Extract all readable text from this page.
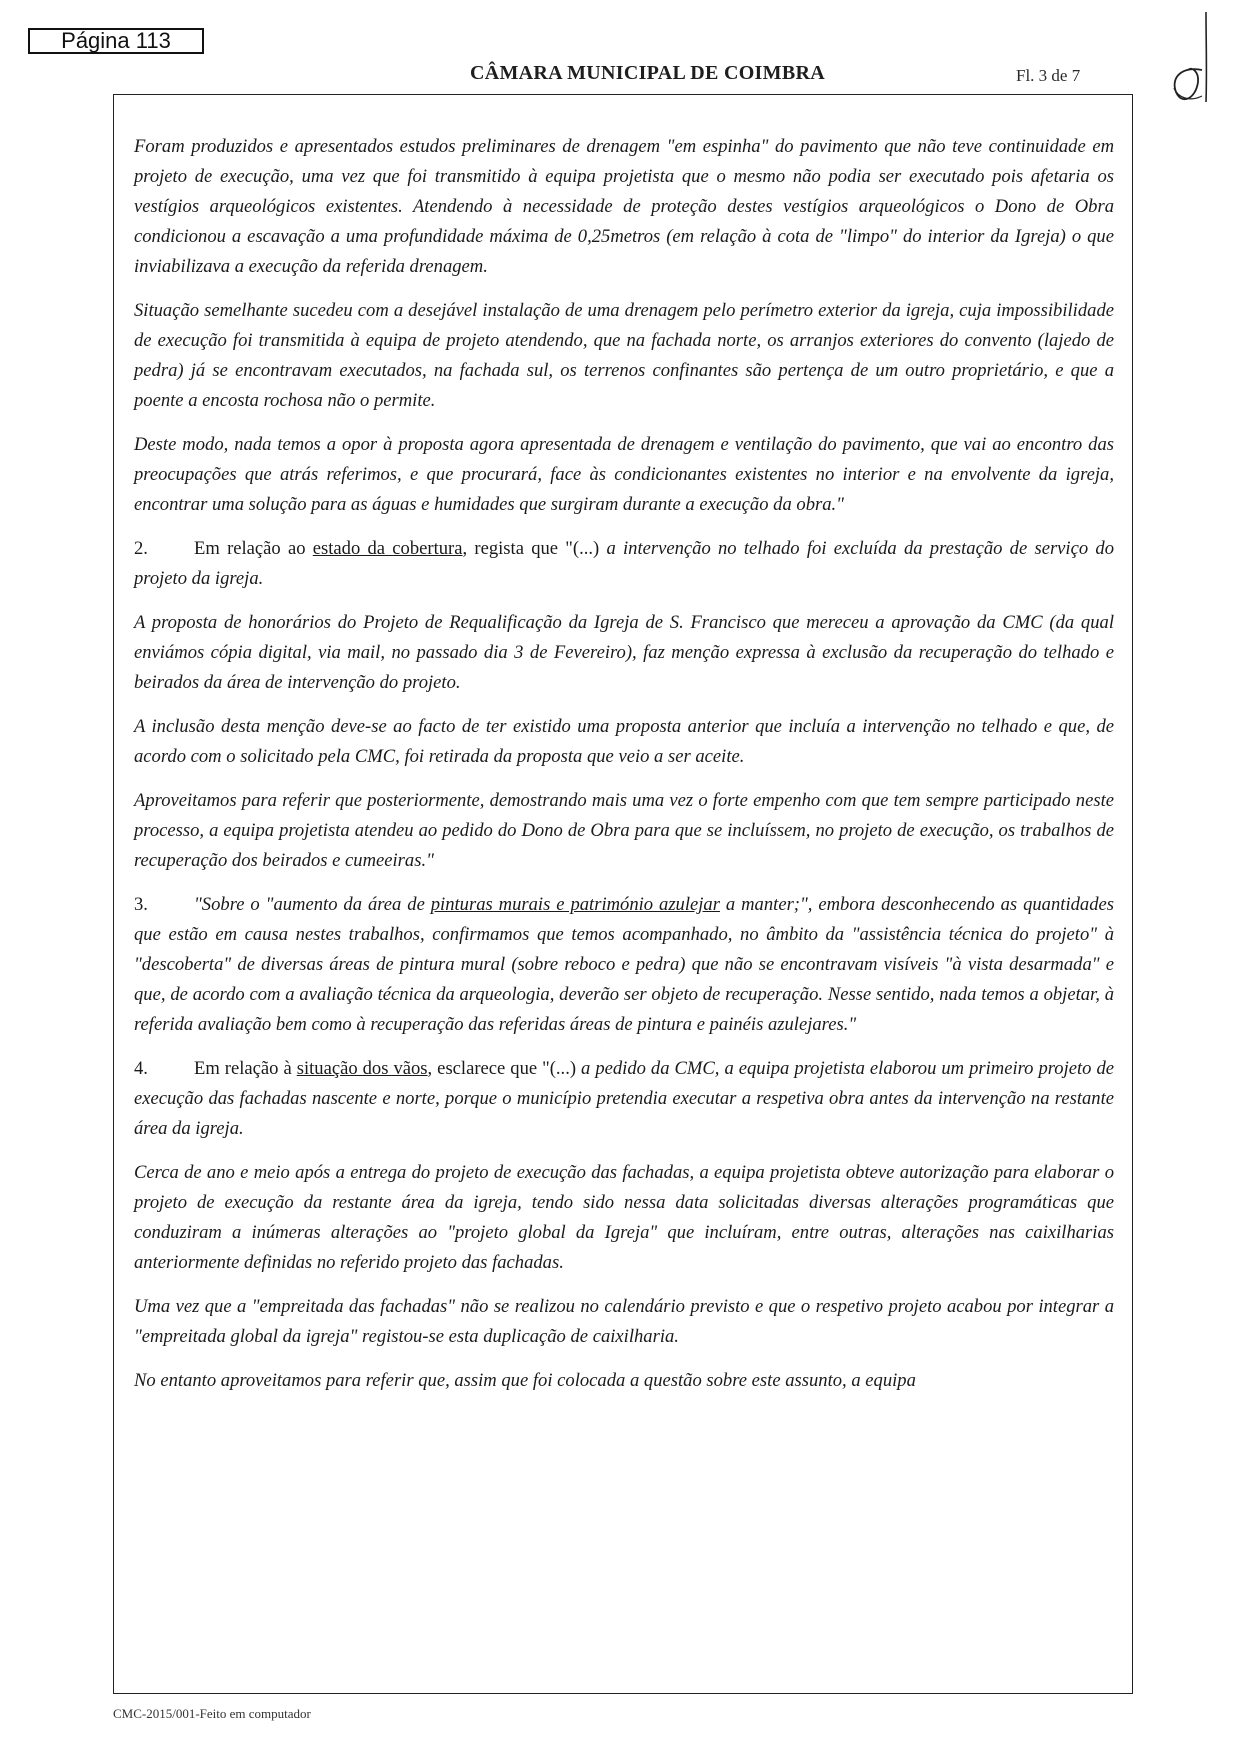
Página 113
CÂMARA MUNICIPAL DE COIMBRA	Fl. 3 de 7

Foram produzidos e apresentados estudos preliminares de drenagem "em espinha" do pavimento que não teve continuidade em projeto de execução, uma vez que foi transmitido à equipa projetista que o mesmo não podia ser executado pois afetaria os vestígios arqueológicos existentes. Atendendo à necessidade de proteção destes vestígios arqueológicos o Dono de Obra condicionou a escavação a uma profundidade máxima de 0,25metros (em relação à cota de "limpo" do interior da Igreja) o que inviabilizava a execução da referida drenagem.

Situação semelhante sucedeu com a desejável instalação de uma drenagem pelo perímetro exterior da igreja, cuja impossibilidade de execução foi transmitida à equipa de projeto atendendo, que na fachada norte, os arranjos exteriores do convento (lajedo de pedra) já se encontravam executados, na fachada sul, os terrenos confinantes são pertença de um outro proprietário, e que a poente a encosta rochosa não o permite.

Deste modo, nada temos a opor à proposta agora apresentada de drenagem e ventilação do pavimento, que vai ao encontro das preocupações que atrás referimos, e que procurará, face às condicionantes existentes no interior e na envolvente da igreja, encontrar uma solução para as águas e humidades que surgiram durante a execução da obra."

2. Em relação ao estado da cobertura, regista que "(...) a intervenção no telhado foi excluída da prestação de serviço do projeto da igreja.

A proposta de honorários do Projeto de Requalificação da Igreja de S. Francisco que mereceu a aprovação da CMC (da qual enviámos cópia digital, via mail, no passado dia 3 de Fevereiro), faz menção expressa à exclusão da recuperação do telhado e beirados da área de intervenção do projeto.

A inclusão desta menção deve-se ao facto de ter existido uma proposta anterior que incluía a intervenção no telhado e que, de acordo com o solicitado pela CMC, foi retirada da proposta que veio a ser aceite.

Aproveitamos para referir que posteriormente, demostrando mais uma vez o forte empenho com que tem sempre participado neste processo, a equipa projetista atendeu ao pedido do Dono de Obra para que se incluíssem, no projeto de execução, os trabalhos de recuperação dos beirados e cumeeiras."

3. "Sobre o "aumento da área de pinturas murais e património azulejar a manter;", embora desconhecendo as quantidades que estão em causa nestes trabalhos, confirmamos que temos acompanhado, no âmbito da "assistência técnica do projeto" à "descoberta" de diversas áreas de pintura mural (sobre reboco e pedra) que não se encontravam visíveis "à vista desarmada" e que, de acordo com a avaliação técnica da arqueologia, deverão ser objeto de recuperação. Nesse sentido, nada temos a objetar, à referida avaliação bem como à recuperação das referidas áreas de pintura e painéis azulejares."

4. Em relação à situação dos vãos, esclarece que "(...) a pedido da CMC, a equipa projetista elaborou um primeiro projeto de execução das fachadas nascente e norte, porque o município pretendia executar a respetiva obra antes da intervenção na restante área da igreja.

Cerca de ano e meio após a entrega do projeto de execução das fachadas, a equipa projetista obteve autorização para elaborar o projeto de execução da restante área da igreja, tendo sido nessa data solicitadas diversas alterações programáticas que conduziram a inúmeras alterações ao "projeto global da Igreja" que incluíram, entre outras, alterações nas caixilharias anteriormente definidas no referido projeto das fachadas.

Uma vez que a "empreitada das fachadas" não se realizou no calendário previsto e que o respetivo projeto acabou por integrar a "empreitada global da igreja" registou-se esta duplicação de caixilharia.

No entanto aproveitamos para referir que, assim que foi colocada a questão sobre este assunto, a equipa

CMC-2015/001-Feito em computador
